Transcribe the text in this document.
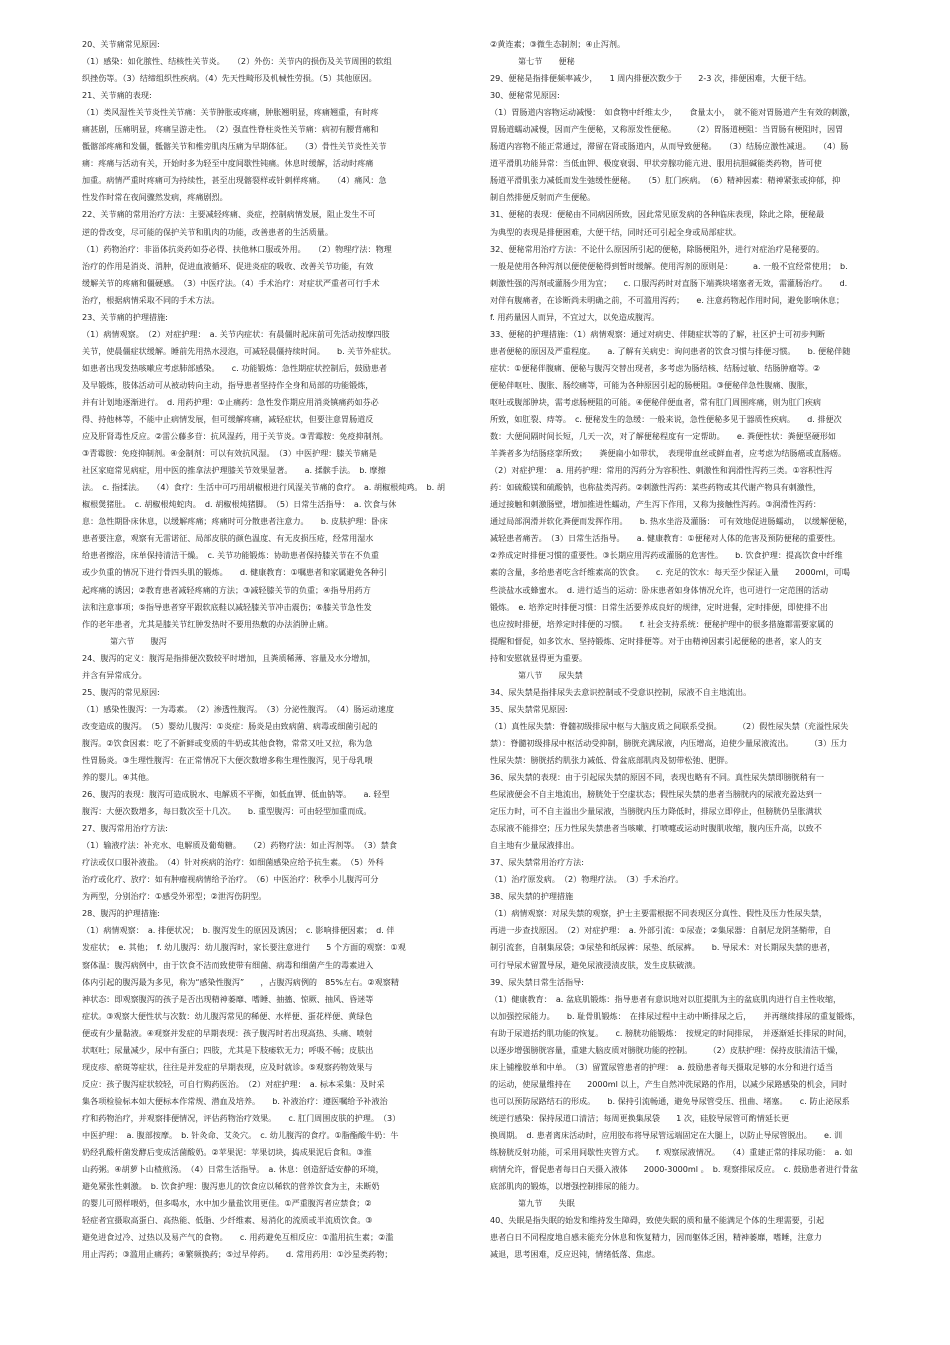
20、关节痛常见原因:
（1）感染：如化脓性、结核性关节炎。　　（2）外伤：关节内的损伤及关节周围的软组
织挫伤等。（3）结缔组织性疾病。（4）先天性畸形及机械性劳损。（5）其他原因。
21、关节痛的表现:
（1）类风湿性关节炎性关节痛：关节肿胀或疼痛，肿胀翘明显，疼痛翘重，有时疼
痛甚剧，压痛明显，疼痛呈游走性。　（2）强直性脊柱炎性关节痛：病初有腰背痛和
骶髂部疼痛和发僵，骶髂关节和椎旁肌肉压痛为早期体征。　　（3）骨性关节炎性关节
痛：疼痛与活动有关，开始时多为轻至中度间歇性钝痛。休息时缓解，活动时疼痛
加重。病情严重时疼痛可为持续性，甚至出现髂裂样或针刺样疼痛。　　（4）痛风：急
性发作时常在夜间骤然发病，疼痛剧烈。
22、关节痛的常用治疗方法：主要减轻疼痛、炎症，控制病情发展，阻止发生不可
逆的骨改变，尽可能的保护关节和肌肉的功能，改善患者的生活质量。
（1）药物治疗：非甾体抗炎药如芬必得、扶他林口服或外用。　　（2）物理疗法：物理
治疗的作用是消炎、消肿，促进血液循环、促进炎症的吸收、改善关节功能，有效
缓解关节的疼痛和僵硬感。　（3）中医疗法。（4）手术治疗：对症状严重者可行手术
治疗，根据病情采取不同的手术方法。
23、关节痛的护理措施:
（1）病情观察。　（2）对症护理：　a. 关节内症状：有晨僵时起床前可先活动按摩四肢
关节，使晨僵症状缓解。睡前先用热水浸泡，可减轻晨僵持续时间。　　b. 关节外症状。
如患者出现发热咳嗽应考虑肺部感染。　　c. 功能锻炼：急性期症状控制后，鼓励患者
及早锻炼，肢体活动可从被动转向主动，指导患者坚持作全身和局部的功能锻炼，
并有计划地逐渐进行。　d. 用药护理：①止痛药：急性发作期应用消炎镇痛药如芬必
得、持他林等，不能中止病情发展，但可缓解疼痛，减轻症状，但要注意胃肠道反
应及肝肾毒性反应。②雷公藤多苷：抗风湿药，用于关节炎。③青霉胺：免疫抑制剂。
③青霉胺：免疫抑制剂。④金制剂：可以有效抗风湿。　（3）中医护理：膝关节痛是
社区家庭常见病症，用中医的推拿法护理膝关节效果显著。　　a. 揉髌手法。　b. 摩擦
法。　c. 指揉法。　　（4）食疗：生活中可巧用胡椒根进行风湿关节痛的食疗。　a. 胡椒根炖鸡。　b. 胡
椒根煲猪肚。　c. 胡椒根炖蛇肉。　d. 胡椒根炖猪脚。　（5）日常生活指导：　a. 饮食与休
息：急性期卧床休息，以缓解疼痛；疼痛时可分散患者注意力。　　b. 皮肤护理：卧床
患者要注意，观察有无雷诺征、局部皮肤的颜色温度、有无皮损压疮，经常用湿水
给患者擦浴，床单保持清洁干燥。　c. 关节功能锻炼：协助患者保持膝关节在不负重
或少负重的情况下进行骨四头肌的锻炼。　　d. 健康教育：①嘱患者和家属避免各种引
起疼痛的诱因；②教育患者减轻疼痛的方法；③减轻膝关节的负重；④指导用药方
法和注意事项；⑤指导患者穿平跟软底鞋以减轻膝关节冲击震伤；⑥膝关节急性发
作的老年患者，尤其是膝关节红肿发热时不要用热敷的办法消肿止痛。
第六节　　腹泻
24、腹泻的定义：腹泻是指排便次数较平时增加，且粪质稀薄、容量及水分增加，
并含有异常成分。
25、腹泻的常见原因:
（1）感染性腹泻：一为毒素。　（2）渗透性腹泻。　（3）分泌性腹泻。　（4）肠运动速度
改变造成的腹泻。　（5）婴幼儿腹泻：①炎症：肠炎是由致病菌、病毒或细菌引起的
腹泻。②饮食因素：吃了不新鲜或变质的牛奶或其他食物，常常又吐又拉，称为急
性胃肠炎。③生理性腹泻：在正常情况下大便次数增多称生理性腹泻，见于母乳喂
养的婴儿。④其他。
26、腹泻的表现：腹泻可造成脱水、电解质不平衡，如低血钾、低血钠等。　　a. 轻型
腹泻：大便次数增多，每日数次至十几次。　　b. 重型腹泻：可由轻型加重而成。
27、腹泻常用治疗方法:
（1）输液疗法：补充水、电解质及葡萄糖。　　（2）药物疗法：如止泻剂等。　（3）禁食
疗法或仅口服补液盐。　（4）针对疾病的治疗：如细菌感染应给予抗生素。　（5）外科
治疗或化疗、放疗：如有肿瘤视病情给予治疗。　（6）中医治疗：秋季小儿腹泻可分
为两型，分别治疗：①感受外邪型；②泄泻伤阴型。
28、腹泻的护理措施:
（1）病情观察：　a. 排便状况；　b. 腹泻发生的原因及诱因；　c. 影响排便因素；　d. 伴
发症状；　e. 其他；　f. 幼儿腹泻：幼儿腹泻时，家长要注意进行　　5 个方面的观察：①观
察体温：腹泻病例中，由于饮食不洁而致使带有细菌、病毒和细菌产生的毒素进入
体内引起的腹泻最为多见，称为“感染性腹泻”　　，占腹泻病例的　85%左右。②观察精
神状态：即观察腹泻的孩子是否出现精神萎靡、嗜睡、抽搐、惊厥、抽风、昏迷等
症状。③观察大便性状与次数：幼儿腹泻常见的稀便、水样便、蛋花样便、黄绿色
便或有少量黏液。④观察并发症的早期表现：孩子腹泻时若出现高热、头痛、喷射
状呕吐；尿量减少，尿中有蛋白；四肢，尤其是下肢痿软无力；呼吸不畅；皮肤出
现皮疹、瘀斑等症状，往往是并发症的早期表现，应及时就诊。⑤观察药物效果与
反应：孩子腹泻症状较轻，可自行购药医治。　（2）对症护理：　a. 标本采集：及时采
集各项检验标本如大便标本作常规、潜血及培养。　　b. 补液治疗：遵医嘱给予补液治
疗和药物治疗，并观察排便情况，评估药物治疗效果。　　c. 肛门周围皮肤的护理。　（3）
中医护理：　a. 腹部按摩。　b. 针灸命、艾灸穴。　c. 幼儿腹泻的食疗。①脂酯酸牛奶：牛
奶经乳酸杆菌发酵后变成活菌酸奶。②苹果泥：苹果切块，捣成果泥后食和。③淮
山药粥。④胡萝卜山楂煎汤。　（4）日常生活指导。　a. 休息：创造舒适安静的环境，
避免紧张性刺激。　b. 饮食护理：腹泻患儿的饮食应以稀软的营养饮食为主，未断奶
的婴儿可照样喂奶，但多喝水，水中加少量盐饮用更佳。①严重腹泻者应禁食；②
轻症者宜摄取高蛋白、高热能、低脂、少纤维素、易消化的流质或半流质饮食。③
避免进食过冷、过热以及易产气的食物。　　c. 用药避免互相反应：①滥用抗生素；②滥
用止泻药；③滥用止痛药；④繁频换药；⑤过早停药。　　d. 常用药用：①沙星类药物；
②黄连素；③微生态制剂；④止泻剂。
第七节　　便秘
29、便秘是指排便频率减少，　　1 周内排便次数少于　　2-3 次，排便困难，大便干结。
30、便秘常见原因:
（1）胃肠道内容物运动减慢：　如食物中纤维太少，　　食量太小，　就不能对胃肠道产生有效的刺激，
胃肠道蠕动减慢，因而产生便秘，又称原发性便秘。　　　（2）胃肠道梗阻：当胃肠有梗阻时，因胃
肠道内容物不能正常通过，滞留在肾或肠道内，从而导致便秘。　　（3）结肠应激性减退。　　（4）肠
道平滑肌功能异常：当低血钾、极度衰弱、甲状旁腺功能亢进、服用抗胆碱能类药物，皆可使
肠道平滑肌张力减低而发生弛缓性便秘。　　（5）肛门疾病。　（6）精神因素：精神紧张或抑郁，抑
制自然排便反射而产生便秘。
31、便秘的表现：便秘由不同病因所致，因此常见原发病的各种临床表现，除此之除，便秘最
为典型的表现是排便困难，大便干结，同时还可引起全身或局部症状。
32、便秘常用治疗方法：不论什么原因所引起的便秘，除肠梗阻外，进行对症治疗是秘要的。
一般是使用各种泻剂以便使便秘得到暂时缓解。使用泻剂的原则是：　　　a. 一般不宜经常使用；　b.
刺激性强的泻剂或灌肠少用为宜；　　c. 口服泻药时对直肠下端粪块堵塞者无效，需灌肠治疗。　　d.
对伴有腹痛者，在诊断尚未明确之前，不可滥用泻药；　　e. 注意药物起作用时间，避免影响休息；
f. 用药量因人而异，不宜过大，以免造成腹泻。
33、便秘的护理措施：（1）病情观察：通过对病史、伴随症状等的了解，社区护士可初步判断
患者便秘的原因及严重程度。　　a. 了解有关病史：询问患者的饮食习惯与排便习惯。　　b. 便秘伴随
症状：①便秘伴腹痛、便秘与腹泻交替出现者，多考虑为肠结核、结肠过敏、结肠肿瘤等。②
便秘伴呕吐、腹胀、肠绞痛等，可能为各种原因引起的肠梗阻。③便秘伴急性腹痛、腹胀，
呕吐或腹部肿块，需考虑肠梗阻的可能。④便秘伴便血者，常有肛门周围疼痛，则为肛门疾病
所致，如肛裂、痔等。　c. 便秘发生的急缓：一般来说，急性便秘多见于器质性疾病。　　d. 排便次
数：大便间隔时间长短，几天一次，对了解便秘程度有一定帮助。　　e. 粪便性状：粪便坚硬形如
羊粪者多为结肠痉挛所致；　　粪便扁小如带状，　表现带血丝或鲜血者，应考虑为结肠癌或直肠癌。
（2）对症护理：　a. 用药护理：常用的泻药分为容积性、刺激性和润滑性泻药三类。①容积性泻
药：如硫酸镁和硫酸钠，也称盐类泻药。②刺激性泻药：某些药物或其代谢产物具有刺激性，
通过接触和刺激肠壁，增加推进性蠕动，产生泻下作用，又称为接触性泻药。③润滑性泻药：
通过局部润滑并软化粪便而发挥作用。　　b. 热水坐浴及灌肠：　可有效地促进肠蠕动，　以缓解便秘，
减轻患者痛苦。　（3）日常生活指导。　　a. 健康教育：①便秘对人体的危害及预防便秘的重要性。
②养成定时排便习惯的重要性。③长期应用泻药或灌肠的危害性。　　b. 饮食护理：提高饮食中纤维
素的含量，多给患者吃含纤维素高的饮食。　　c. 充足的饮水：每天至少保证入量　　2000ml，可喝
些淡盐水或蜂蜜水。　d. 进行适当的运动：卧床患者如身体情况允许，也可进行一定范围的活动
锻炼。　e. 培养定时排便习惯：日常生活要养成良好的规律，定时进餐，定时排便，即使排不出
也应按时排便，培养定时排便的习惯。　　f. 社会支持系统：便秘护理中的很多措施都需要家属的
提醒和督促，如多饮水、坚持锻炼、定时排便等。对于由精神因素引起便秘的患者，家人的支
持和安慰就显得更为重要。
第八节　　尿失禁
34、尿失禁是指排尿失去意识控制或不受意识控制，尿液不自主地流出。
35、尿失禁常见原因:
（1）真性尿失禁：脊髓初级排尿中枢与大脑皮质之间联系受损。　　　（2）假性尿失禁（充溢性尿失
禁）：脊髓初级排尿中枢活动受抑制，膀胱充满尿液，内压增高，迫使少量尿液流出。　　　（3）压力
性尿失禁：膀胱括约肌张力减低、骨盆底部肌肉及韧带松弛、肥胖。
36、尿失禁的表现：由于引起尿失禁的原因不同，表现也略有不同。真性尿失禁即膀胱稍有一
些尿液便会不自主地流出，膀胱处于空虚状态；假性尿失禁的患者当膀胱内的尿液充盈达到一
定压力时，可不自主溢出少量尿液，当膀胱内压力降低时，排尿立即停止，但膀胱仍呈胀满状
态尿液不能排空；压力性尿失禁患者当咳嗽、打喷嚏或运动时腹肌收缩，腹内压升高，以致不
自主地有少量尿液排出。
37、尿失禁常用治疗方法:
（1）治疗原发病。　（2）物理疗法。　（3）手术治疗。
38、尿失禁的护理措施
（1）病情观察：对尿失禁的观察，护士主要需根据不同表现区分真性、假性及压力性尿失禁，
再进一步查找原因。　（2）对症护理：　a. 外部引流：①尿壶；②集尿器：自制尼龙阴茎鞘带，自
制引流套，自制集尿袋；③尿垫和纸尿裤：尿垫、纸尿裤。　　b. 导尿术：对长期尿失禁的患者，
可行导尿术留置导尿，避免尿液浸渍皮肤，发生皮肤破溃。
39、尿失禁日常生活指导:
（1）健康教育：　a. 盆底肌锻炼：指导患者有意识地对以肛提肌为主的盆底肌肉进行自主性收缩，
以加强控尿能力。　　b. 耻骨肌锻炼：　在排尿过程中主动中断排尿之后，　　并再继续排尿的重复锻炼，
有助于尿道括约肌功能的恢复。　　c. 膀胱功能锻炼：　按规定的时间排尿，　并逐渐延长排尿的时间，
以逐步增强膀胱容量，重建大脑皮质对膀胱功能的控制。　　　（2）皮肤护理：保持皮肤清洁干燥，
床上铺橡胶单和中单。　（3）留置尿管患者的护理：　a. 鼓励患者每天摄取足够的水分和进行适当
的运动，使尿量维持在　　2000ml 以上，产生自然冲洗尿路的作用，以减少尿路感染的机会，同时
也可以预防尿路结石的形成。　　b. 保持引流畅通，避免导尿管受压、扭曲、堵塞。　　c. 防止泌尿系
统逆行感染：保持尿道口清洁；每周更换集尿袋　　1 次，硅胶导尿管可酌情延长更
换周期。　d. 患者离床活动时，应用胶布将导尿管远端固定在大腿上，以防止导尿管脱出。　　e. 训
练膀胱反射功能，可采用间歇性夹管方式。　　f. 观察尿液情况。　　（4）重建正常的排尿功能：　a. 如
病情允许，督促患者每日白天摄入液体　　2000-3000ml 。　b. 观察排尿反应。　c. 鼓励患者进行骨盆
底部肌肉的锻炼，以增强控制排尿的能力。
第九节　　失眠
40、失眠是指失眠的始发和维持发生障碍，致使失眠的质和量不能满足个体的生理需要，引起
患者白日不同程度地自感未能充分休息和恢复精力，因而躯体乏困，精神萎靡，嗜睡，注意力
减退，思考困难，反应迟钝，情绪低落、焦虑。
